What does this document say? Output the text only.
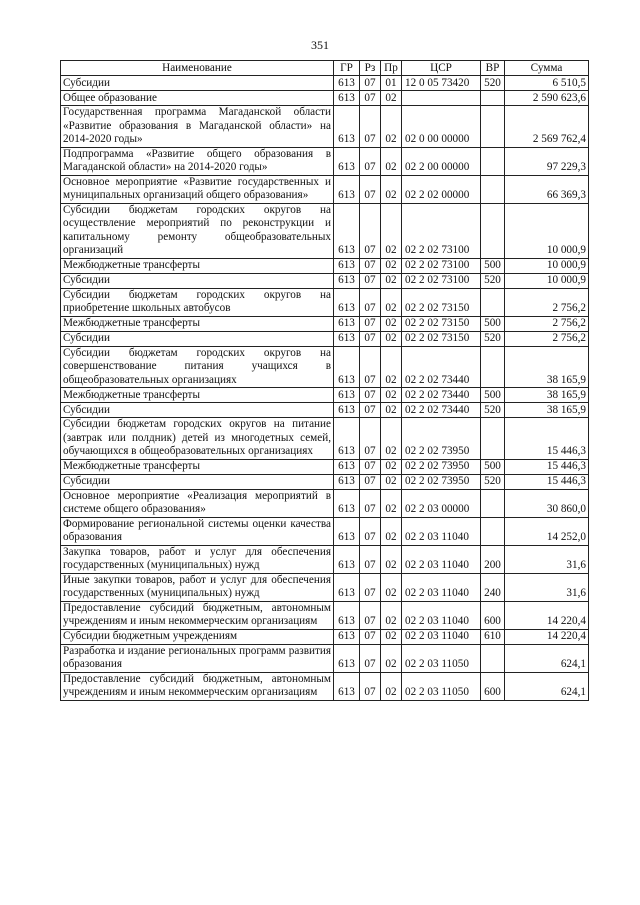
351
Наименование	ГР	Рз	Пр	ЦСР	ВР	Сумма
Субсидии	613	07	01	12 0 05 73420	520	6 510,5
Общее образование	613	07	02			2 590 623,6
Государственная программа Магаданской области «Развитие образования в Магаданской области» на 2014-2020 годы»	613	07	02	02 0 00 00000		2 569 762,4
Подпрограмма «Развитие общего образования в Магаданской области» на 2014-2020 годы»	613	07	02	02 2 00 00000		97 229,3
Основное мероприятие «Развитие государственных и муниципальных организаций общего образования»	613	07	02	02 2 02 00000		66 369,3
Субсидии бюджетам городских округов на осуществление мероприятий по реконструкции и капитальному ремонту общеобразовательных организаций	613	07	02	02 2 02 73100		10 000,9
Межбюджетные трансферты	613	07	02	02 2 02 73100	500	10 000,9
Субсидии	613	07	02	02 2 02 73100	520	10 000,9
Субсидии бюджетам городских округов на приобретение школьных автобусов	613	07	02	02 2 02 73150		2 756,2
Межбюджетные трансферты	613	07	02	02 2 02 73150	500	2 756,2
Субсидии	613	07	02	02 2 02 73150	520	2 756,2
Субсидии бюджетам городских округов на совершенствование питания учащихся в общеобразовательных организациях	613	07	02	02 2 02 73440		38 165,9
Межбюджетные трансферты	613	07	02	02 2 02 73440	500	38 165,9
Субсидии	613	07	02	02 2 02 73440	520	38 165,9
Субсидии бюджетам городских округов на питание (завтрак или полдник) детей из многодетных семей, обучающихся в общеобразовательных организациях	613	07	02	02 2 02 73950		15 446,3
Межбюджетные трансферты	613	07	02	02 2 02 73950	500	15 446,3
Субсидии	613	07	02	02 2 02 73950	520	15 446,3
Основное мероприятие «Реализация мероприятий в системе общего образования»	613	07	02	02 2 03 00000		30 860,0
Формирование региональной системы оценки качества образования	613	07	02	02 2 03 11040		14 252,0
Закупка товаров, работ и услуг для обеспечения государственных (муниципальных) нужд	613	07	02	02 2 03 11040	200	31,6
Иные закупки товаров, работ и услуг для обеспечения государственных (муниципальных) нужд	613	07	02	02 2 03 11040	240	31,6
Предоставление субсидий бюджетным, автономным учреждениям и иным некоммерческим организациям	613	07	02	02 2 03 11040	600	14 220,4
Субсидии бюджетным учреждениям	613	07	02	02 2 03 11040	610	14 220,4
Разработка и издание региональных программ развития образования	613	07	02	02 2 03 11050		624,1
Предоставление субсидий бюджетным, автономным учреждениям и иным некоммерческим организациям	613	07	02	02 2 03 11050	600	624,1
